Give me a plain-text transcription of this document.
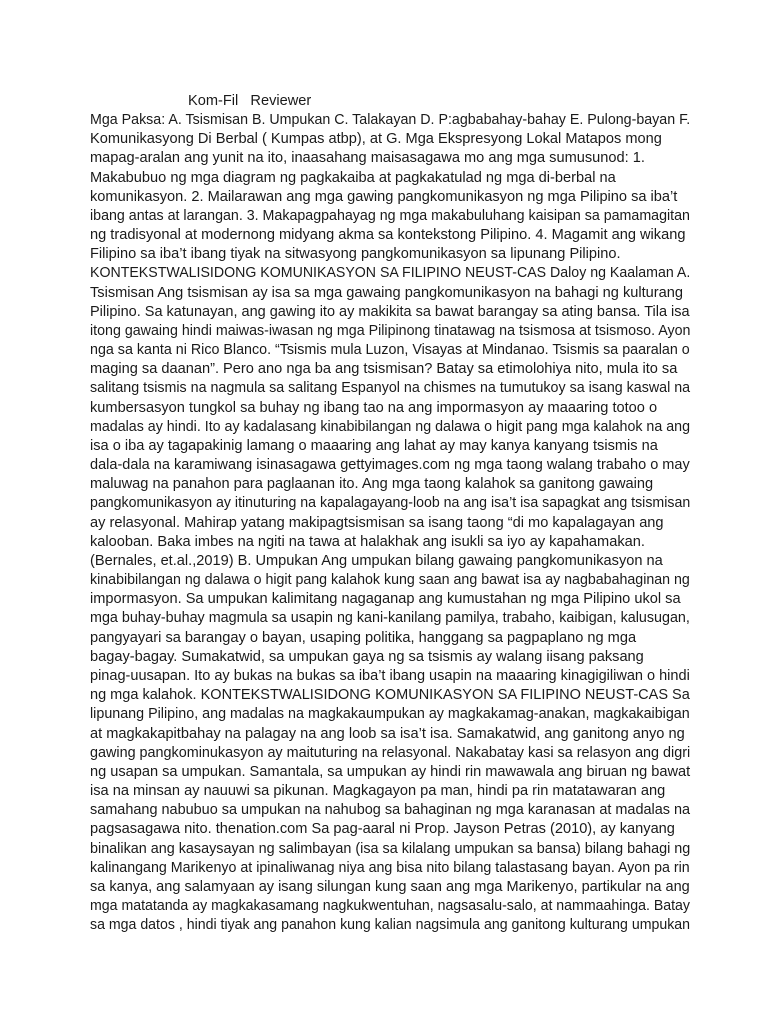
Kom-Fil   Reviewer
Mga Paksa: A. Tsismisan B. Umpukan C. Talakayan D. P:agbabahay-bahay E. Pulong-bayan F.
Komunikasyong Di Berbal ( Kumpas atbp), at G. Mga Ekspresyong Lokal Matapos mong
mapag-aralan ang yunit na ito, inaasahang maisasagawa mo ang mga sumusunod: 1.
Makabubuo ng mga diagram ng pagkakaiba at pagkakatulad ng mga di-berbal na
komunikasyon. 2. Mailarawan ang mga gawing pangkomunikasyon ng mga Pilipino sa iba’t
ibang antas at larangan. 3. Makapagpahayag ng mga makabuluhang kaisipan sa pamamagitan
ng tradisyonal at modernong midyang akma sa kontekstong Pilipino. 4. Magamit ang wikang
Filipino sa iba’t ibang tiyak na sitwasyong pangkomunikasyon sa lipunang Pilipino.
KONTEKSTWALISIDONG KOMUNIKASYON SA FILIPINO NEUST-CAS Daloy ng Kaalaman A.
Tsismisan Ang tsismisan ay isa sa mga gawaing pangkomunikasyon na bahagi ng kulturang
Pilipino. Sa katunayan, ang gawing ito ay makikita sa bawat barangay sa ating bansa. Tila isa
itong gawaing hindi maiwas-iwasan ng mga Pilipinong tinatawag na tsismosa at tsismoso. Ayon
nga sa kanta ni Rico Blanco. “Tsismis mula Luzon, Visayas at Mindanao. Tsismis sa paaralan o
maging sa daanan”. Pero ano nga ba ang tsismisan? Batay sa etimolohiya nito, mula ito sa
salitang tsismis na nagmula sa salitang Espanyol na chismes na tumutukoy sa isang kaswal na
kumbersasyon tungkol sa buhay ng ibang tao na ang impormasyon ay maaaring totoo o
madalas ay hindi. Ito ay kadalasang kinabibilangan ng dalawa o higit pang mga kalahok na ang
isa o iba ay tagapakinig lamang o maaaring ang lahat ay may kanya kanyang tsismis na
dala-dala na karamiwang isinasagawa gettyimages.com ng mga taong walang trabaho o may
maluwag na panahon para paglaanan ito. Ang mga taong kalahok sa ganitong gawaing
pangkomunikasyon ay itinuturing na kapalagayang-loob na ang isa’t isa sapagkat ang tsismisan
ay relasyonal. Mahirap yatang makipagtsismisan sa isang taong “di mo kapalagayan ang
kalooban. Baka imbes na ngiti na tawa at halakhak ang isukli sa iyo ay kapahamakan.
(Bernales, et.al.,2019) B. Umpukan Ang umpukan bilang gawaing pangkomunikasyon na
kinabibilangan ng dalawa o higit pang kalahok kung saan ang bawat isa ay nagbabahaginan ng
impormasyon. Sa umpukan kalimitang nagaganap ang kumustahan ng mga Pilipino ukol sa
mga buhay-buhay magmula sa usapin ng kani-kanilang pamilya, trabaho, kaibigan, kalusugan,
pangyayari sa barangay o bayan, usaping politika, hanggang sa pagpaplano ng mga
bagay-bagay. Sumakatwid, sa umpukan gaya ng sa tsismis ay walang iisang paksang
pinag-uusapan. Ito ay bukas na bukas sa iba’t ibang usapin na maaaring kinagigiliwan o hindi
ng mga kalahok. KONTEKSTWALISIDONG KOMUNIKASYON SA FILIPINO NEUST-CAS Sa
lipunang Pilipino, ang madalas na magkakaumpukan ay magkakamag-anakan, magkakaibigan
at magkakapitbahay na palagay na ang loob sa isa’t isa. Samakatwid, ang ganitong anyo ng
gawing pangkominukasyon ay maituturing na relasyonal. Nakabatay kasi sa relasyon ang digri
ng usapan sa umpukan. Samantala, sa umpukan ay hindi rin mawawala ang biruan ng bawat
isa na minsan ay nauuwi sa pikunan. Magkagayon pa man, hindi pa rin matatawaran ang
samahang nabubuo sa umpukan na nahubog sa bahaginan ng mga karanasan at madalas na
pagsasagawa nito. thenation.com Sa pag-aaral ni Prop. Jayson Petras (2010), ay kanyang
binalikan ang kasaysayan ng salimbayan (isa sa kilalang umpukan sa bansa) bilang bahagi ng
kalinangang Marikenyo at ipinaliwanag niya ang bisa nito bilang talastasang bayan. Ayon pa rin
sa kanya, ang salamyaan ay isang silungan kung saan ang mga Marikenyo, partikular na ang
mga matatanda ay magkakasamang nagkukwentuhan, nagsasalu-salo, at nammaahinga. Batay
sa mga datos , hindi tiyak ang panahon kung kalian nagsimula ang ganitong kulturang umpukan
